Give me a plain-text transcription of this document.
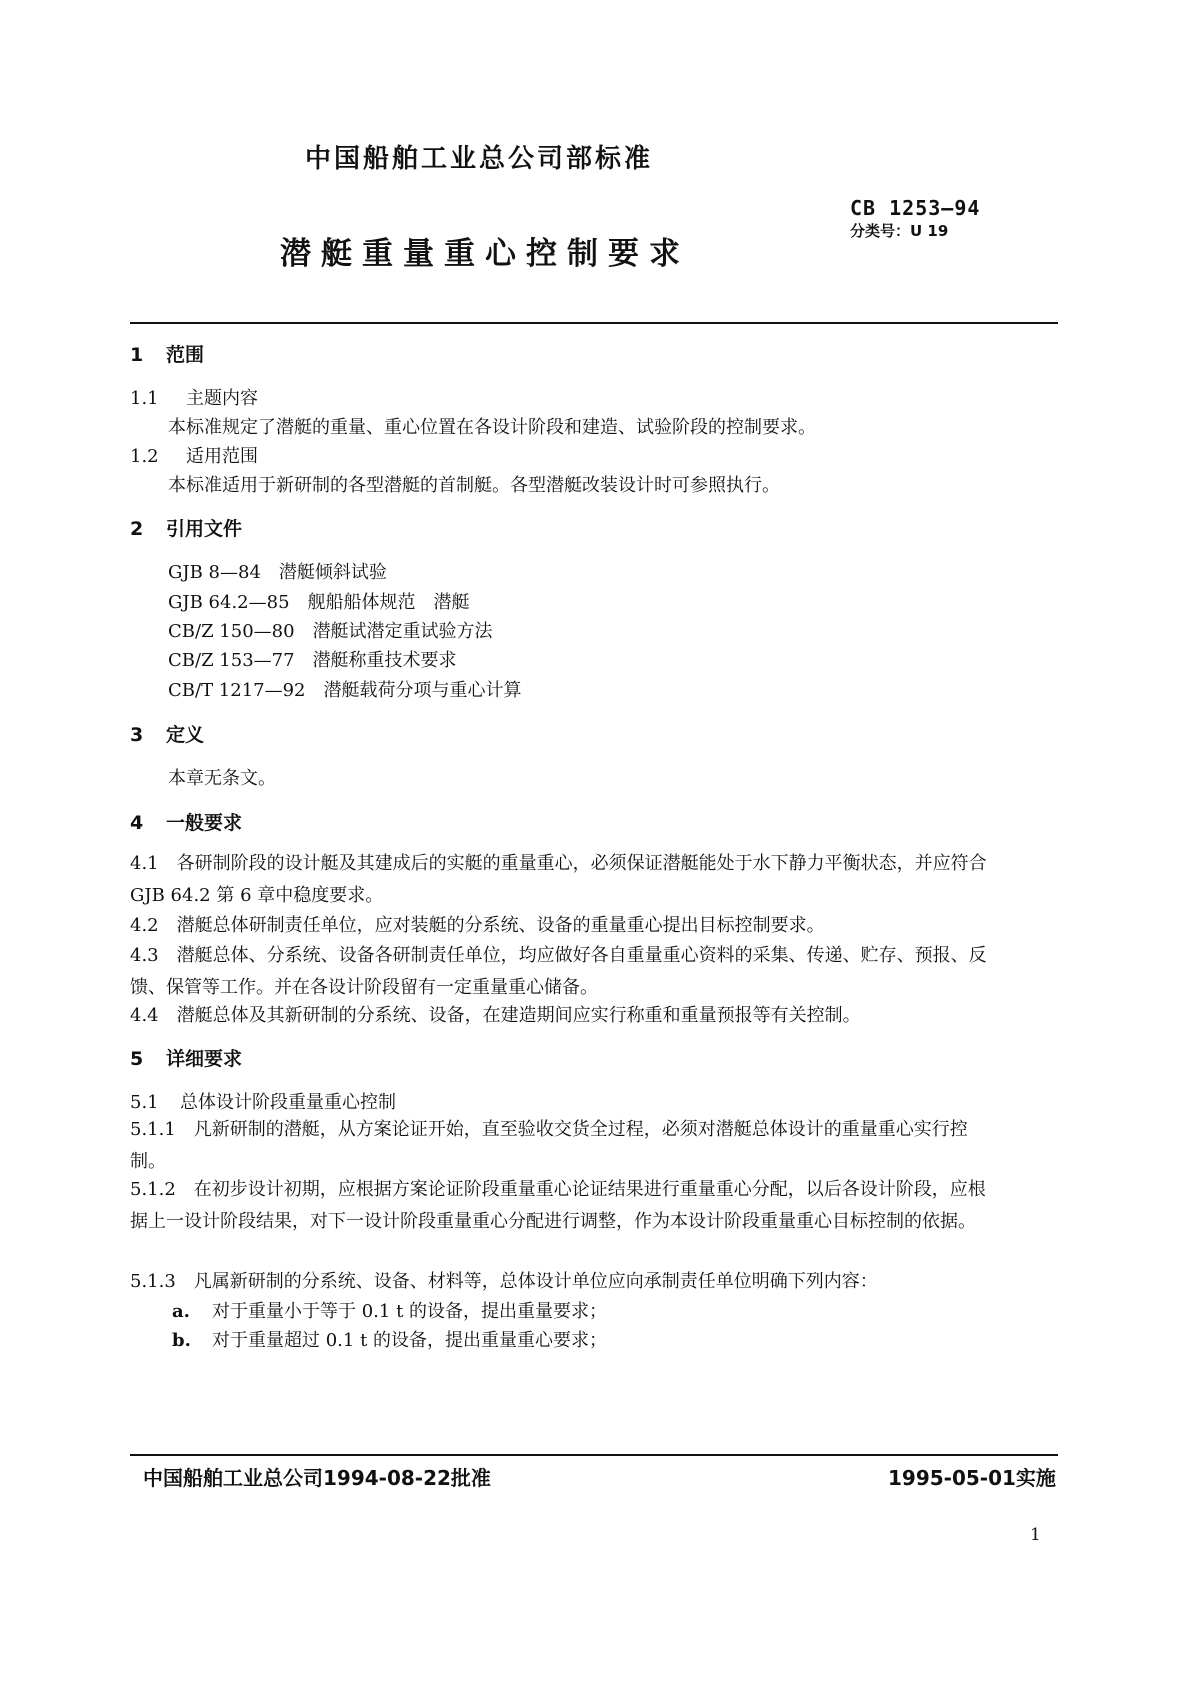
中国船舶工业总公司部标准
潜艇重量重心控制要求
CB 1253—94
分类号：U 19
1 范围
1.1 主题内容
本标准规定了潜艇的重量、重心位置在各设计阶段和建造、试验阶段的控制要求。
1.2 适用范围
本标准适用于新研制的各型潜艇的首制艇。各型潜艇改装设计时可参照执行。
2 引用文件
GJB 8—84　 潜艇倾斜试验
GJB 64.2—85　 舰船船体规范　潜艇
CB/Z 150—80　 潜艇试潜定重试验方法
CB/Z 153—77　 潜艇称重技术要求
CB/T 1217—92　 潜艇载荷分项与重心计算
3 定义
本章无条文。
4 一般要求
4.1　各研制阶段的设计艇及其建成后的实艇的重量重心，必须保证潜艇能处于水下静力平衡状态，并应符合 GJB 64.2 第 6 章中稳度要求。
4.2　潜艇总体研制责任单位，应对装艇的分系统、设备的重量重心提出目标控制要求。
4.3　潜艇总体、分系统、设备各研制责任单位，均应做好各自重量重心资料的采集、传递、贮存、预报、反馈、保管等工作。并在各设计阶段留有一定重量重心储备。
4.4　潜艇总体及其新研制的分系统、设备，在建造期间应实行称重和重量预报等有关控制。
5 详细要求
5.1 总体设计阶段重量重心控制
5.1.1　凡新研制的潜艇，从方案论证开始，直至验收交货全过程，必须对潜艇总体设计的重量重心实行控制。
5.1.2　在初步设计初期，应根据方案论证阶段重量重心论证结果进行重量重心分配，以后各设计阶段，应根据上一设计阶段结果，对下一设计阶段重量重心分配进行调整，作为本设计阶段重量重心目标控制的依据。
5.1.3　凡属新研制的分系统、设备、材料等，总体设计单位应向承制责任单位明确下列内容：
a. 对于重量小于等于 0.1 t 的设备，提出重量要求；
b. 对于重量超过 0.1 t 的设备，提出重量重心要求；
中国船舶工业总公司1994-08-22批准	1995-05-01实施
1
